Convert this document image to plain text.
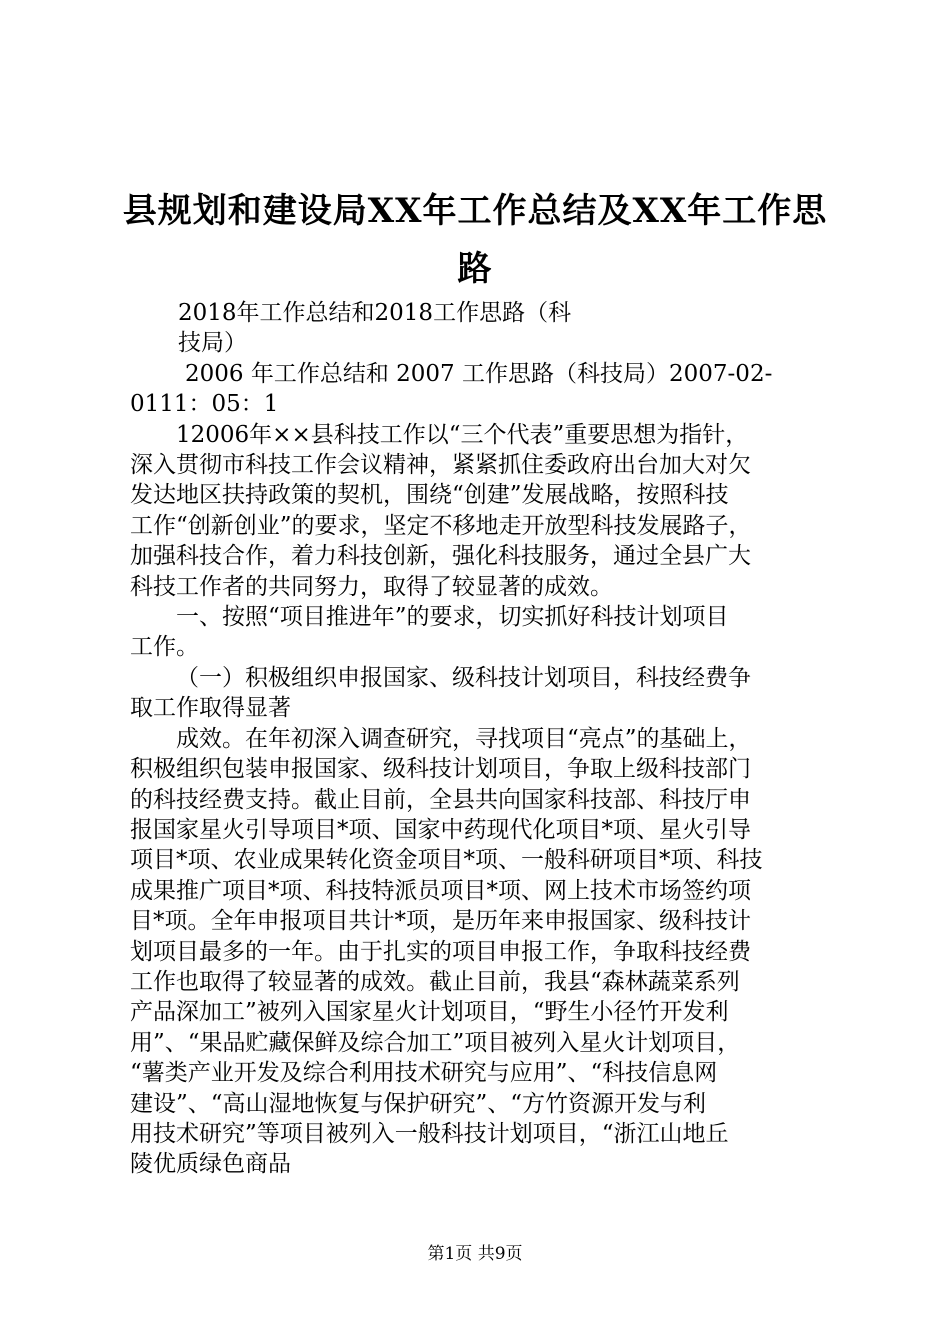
县规划和建设局XX年工作总结及XX年工作思
路
2018年工作总结和2018工作思路（科
技局）
2006 年工作总结和 2007 工作思路（科技局）2007-02-
0111：05：1
12006年××县科技工作以“三个代表”重要思想为指针，
深入贯彻市科技工作会议精神，紧紧抓住委政府出台加大对欠
发达地区扶持政策的契机，围绕“创建”发展战略，按照科技
工作“创新创业”的要求，坚定不移地走开放型科技发展路子，
加强科技合作，着力科技创新，强化科技服务，通过全县广大
科技工作者的共同努力，取得了较显著的成效。
一、按照“项目推进年”的要求，切实抓好科技计划项目
工作。
（一）积极组织申报国家、级科技计划项目，科技经费争
取工作取得显著
成效。在年初深入调查研究，寻找项目“亮点”的基础上，
积极组织包装申报国家、级科技计划项目，争取上级科技部门
的科技经费支持。截止目前，全县共向国家科技部、科技厅申
报国家星火引导项目*项、国家中药现代化项目*项、星火引导
项目*项、农业成果转化资金项目*项、一般科研项目*项、科技
成果推广项目*项、科技特派员项目*项、网上技术市场签约项
目*项。全年申报项目共计*项，是历年来申报国家、级科技计
划项目最多的一年。由于扎实的项目申报工作，争取科技经费
工作也取得了较显著的成效。截止目前，我县“森林蔬菜系列
产品深加工”被列入国家星火计划项目，“野生小径竹开发利
用”、“果品贮藏保鲜及综合加工”项目被列入星火计划项目，
“薯类产业开发及综合利用技术研究与应用”、“科技信息网
建设”、“高山湿地恢复与保护研究”、“方竹资源开发与利
用技术研究”等项目被列入一般科技计划项目，“浙江山地丘
陵优质绿色商品
第1页 共9页
